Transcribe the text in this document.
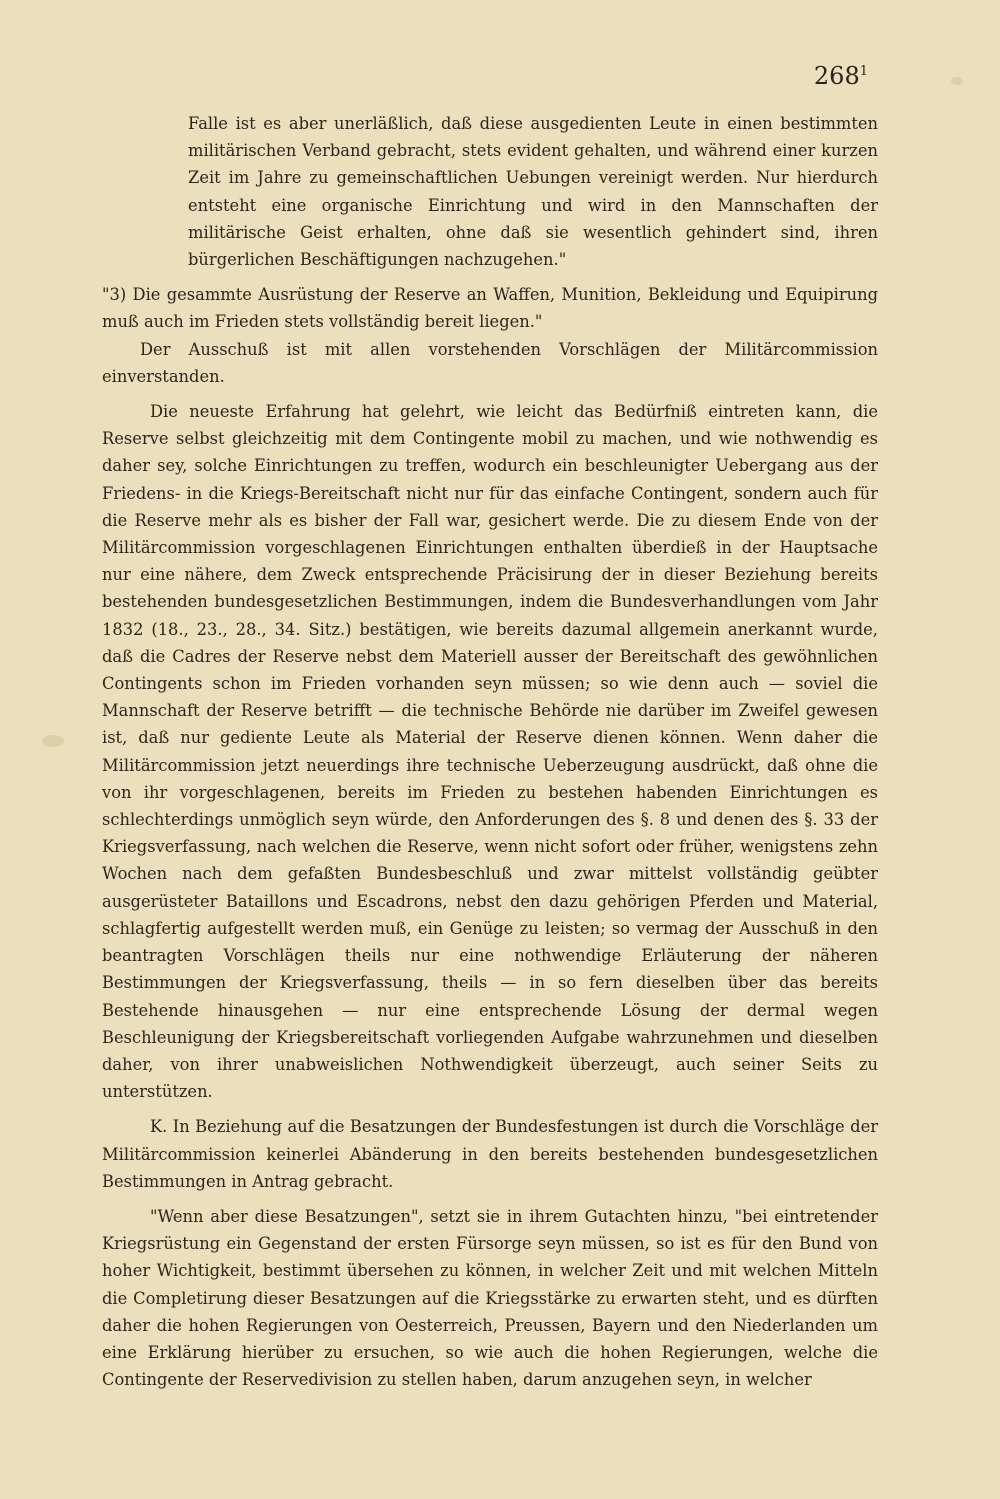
$268^1$

Falle ist es aber unerläßlich, daß diese ausgedienten Leute in einen bestimmten militärischen Verband gebracht, stets evident gehalten, und während einer kurzen Zeit im Jahre zu gemeinschaftlichen Uebungen vereinigt werden. Nur hierdurch entsteht eine organische Einrichtung und wird in den Mannschaften der militärische Geist erhalten, ohne daß sie wesentlich gehindert sind, ihren bürgerlichen Beschäftigungen nachzugehen."

"3) Die gesammte Ausrüstung der Reserve an Waffen, Munition, Bekleidung und Equipirung muß auch im Frieden stets vollständig bereit liegen."

Der Ausschuß ist mit allen vorstehenden Vorschlägen der Militärcommission einverstanden.

Die neueste Erfahrung hat gelehrt, wie leicht das Bedürfniß eintreten kann, die Reserve selbst gleichzeitig mit dem Contingente mobil zu machen, und wie nothwendig es daher sey, solche Einrichtungen zu treffen, wodurch ein beschleunigter Uebergang aus der Friedens- in die Kriegs-Bereitschaft nicht nur für das einfache Contingent, sondern auch für die Reserve mehr als es bisher der Fall war, gesichert werde. Die zu diesem Ende von der Militärcommission vorgeschlagenen Einrichtungen enthalten überdieß in der Hauptsache nur eine nähere, dem Zweck entsprechende Präcisirung der in dieser Beziehung bereits bestehenden bundesgesetzlichen Bestimmungen, indem die Bundesverhandlungen vom Jahr 1832 (18., 23., 28., 34. Sitz.) bestätigen, wie bereits dazumal allgemein anerkannt wurde, daß die Cadres der Reserve nebst dem Materiell ausser der Bereitschaft des gewöhnlichen Contingents schon im Frieden vorhanden seyn müssen; so wie denn auch — soviel die Mannschaft der Reserve betrifft — die technische Behörde nie darüber im Zweifel gewesen ist, daß nur gediente Leute als Material der Reserve dienen können. Wenn daher die Militärcommission jetzt neuerdings ihre technische Ueberzeugung ausdrückt, daß ohne die von ihr vorgeschlagenen, bereits im Frieden zu bestehen habenden Einrichtungen es schlechterdings unmöglich seyn würde, den Anforderungen des §. 8 und denen des §. 33 der Kriegsverfassung, nach welchen die Reserve, wenn nicht sofort oder früher, wenigstens zehn Wochen nach dem gefaßten Bundesbeschluß und zwar mittelst vollständig geübter ausgerüsteter Bataillons und Escadrons, nebst den dazu gehörigen Pferden und Material, schlagfertig aufgestellt werden muß, ein Genüge zu leisten; so vermag der Ausschuß in den beantragten Vorschlägen theils nur eine nothwendige Erläuterung der näheren Bestimmungen der Kriegsverfassung, theils — in so fern dieselben über das bereits Bestehende hinausgehen — nur eine entsprechende Lösung der dermal wegen Beschleunigung der Kriegsbereitschaft vorliegenden Aufgabe wahrzunehmen und dieselben daher, von ihrer unabweislichen Nothwendigkeit überzeugt, auch seiner Seits zu unterstützen.

K. In Beziehung auf die Besatzungen der Bundesfestungen ist durch die Vorschläge der Militärcommission keinerlei Abänderung in den bereits bestehenden bundesgesetzlichen Bestimmungen in Antrag gebracht.

"Wenn aber diese Besatzungen", setzt sie in ihrem Gutachten hinzu, "bei eintretender Kriegsrüstung ein Gegenstand der ersten Fürsorge seyn müssen, so ist es für den Bund von hoher Wichtigkeit, bestimmt übersehen zu können, in welcher Zeit und mit welchen Mitteln die Completirung dieser Besatzungen auf die Kriegsstärke zu erwarten steht, und es dürften daher die hohen Regierungen von Oesterreich, Preussen, Bayern und den Niederlanden um eine Erklärung hierüber zu ersuchen, so wie auch die hohen Regierungen, welche die Contingente der Reservedivision zu stellen haben, darum anzugehen seyn, in welcher
